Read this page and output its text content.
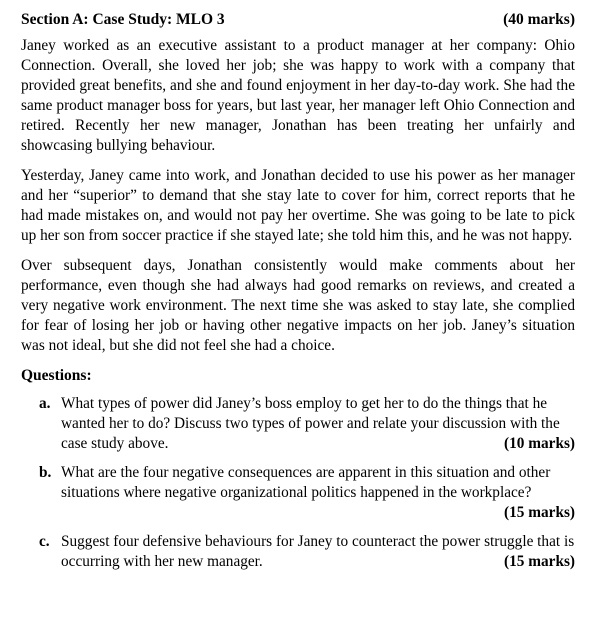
Section A: Case Study: MLO 3	(40 marks)

Janey worked as an executive assistant to a product manager at her company: Ohio Connection. Overall, she loved her job; she was happy to work with a company that provided great benefits, and she and found enjoyment in her day-to-day work. She had the same product manager boss for years, but last year, her manager left Ohio Connection and retired. Recently her new manager, Jonathan has been treating her unfairly and showcasing bullying behaviour.

Yesterday, Janey came into work, and Jonathan decided to use his power as her manager and her “superior” to demand that she stay late to cover for him, correct reports that he had made mistakes on, and would not pay her overtime. She was going to be late to pick up her son from soccer practice if she stayed late; she told him this, and he was not happy.

Over subsequent days, Jonathan consistently would make comments about her performance, even though she had always had good remarks on reviews, and created a very negative work environment. The next time she was asked to stay late, she complied for fear of losing her job or having other negative impacts on her job. Janey’s situation was not ideal, but she did not feel she had a choice.

Questions:
a. What types of power did Janey’s boss employ to get her to do the things that he wanted her to do? Discuss two types of power and relate your discussion with the case study above.	(10 marks)
b. What are the four negative consequences are apparent in this situation and other situations where negative organizational politics happened in the workplace?
(15 marks)
c. Suggest four defensive behaviours for Janey to counteract the power struggle that is occurring with her new manager.	(15 marks)
